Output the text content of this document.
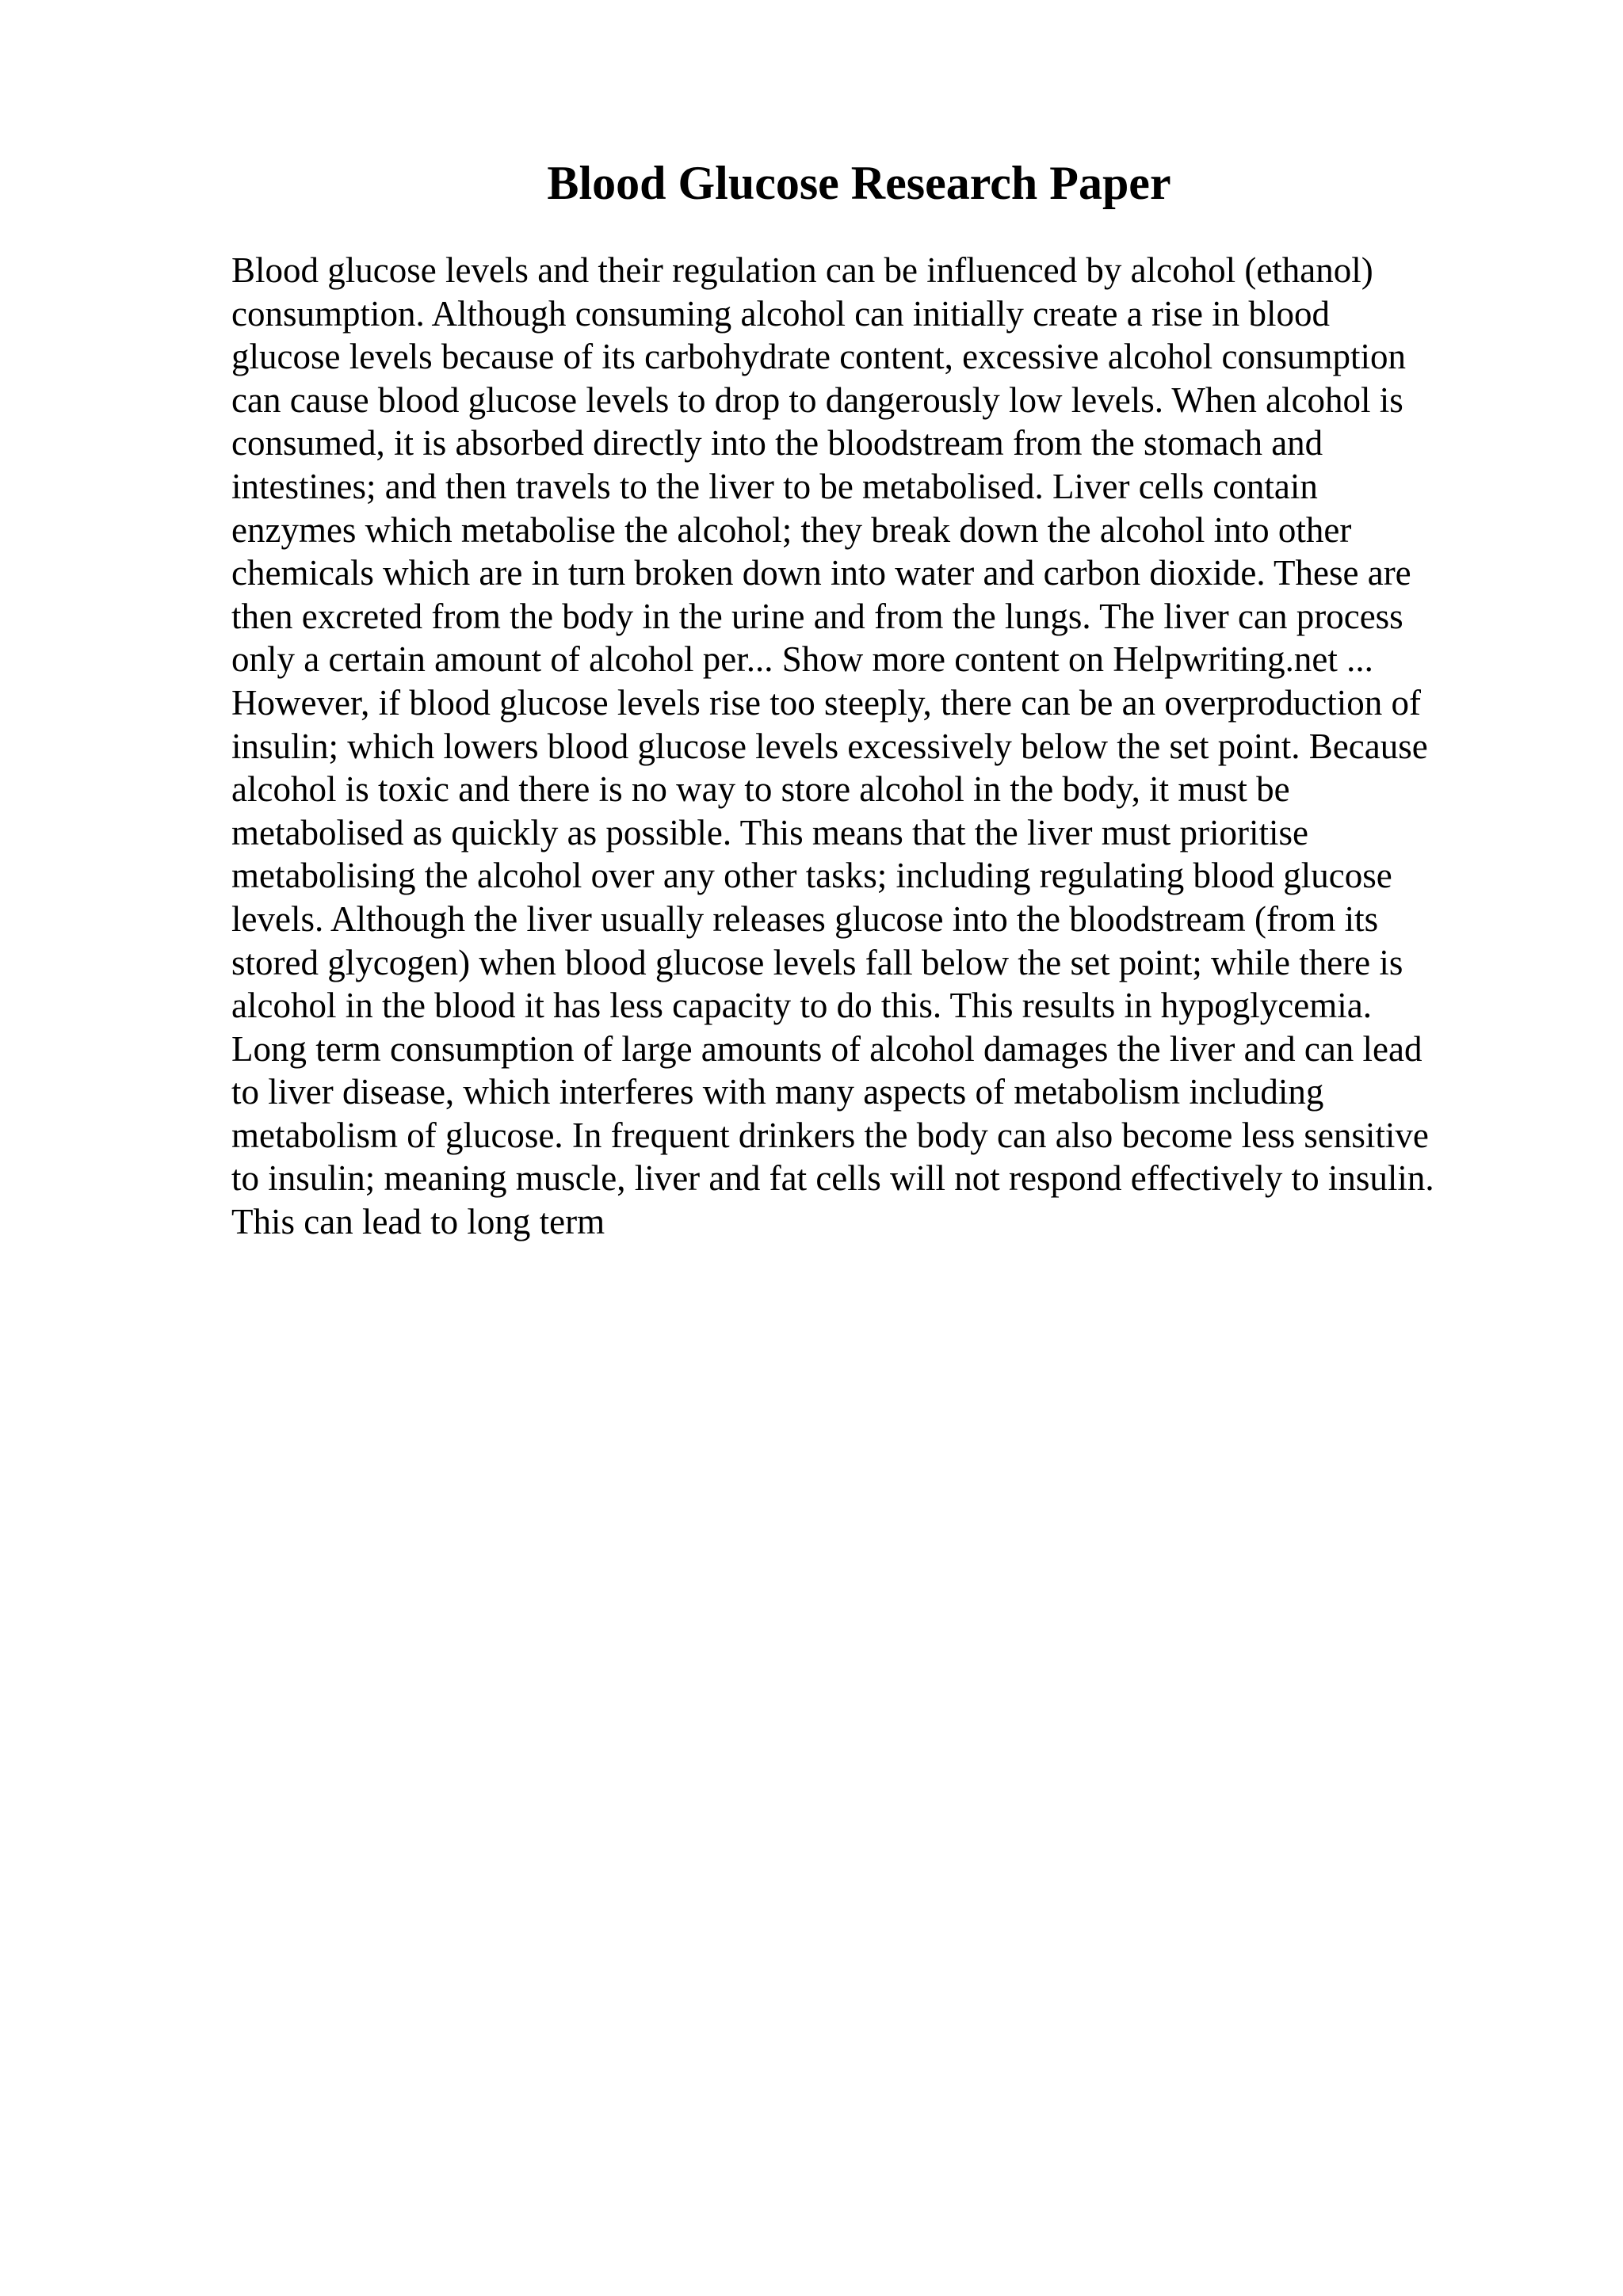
Blood Glucose Research Paper
Blood glucose levels and their regulation can be influenced by alcohol (ethanol)
consumption. Although consuming alcohol can initially create a rise in blood
glucose levels because of its carbohydrate content, excessive alcohol consumption
can cause blood glucose levels to drop to dangerously low levels. When alcohol is
consumed, it is absorbed directly into the bloodstream from the stomach and
intestines; and then travels to the liver to be metabolised. Liver cells contain
enzymes which metabolise the alcohol; they break down the alcohol into other
chemicals which are in turn broken down into water and carbon dioxide. These are
then excreted from the body in the urine and from the lungs. The liver can process
only a certain amount of alcohol per... Show more content on Helpwriting.net ...
However, if blood glucose levels rise too steeply, there can be an overproduction of
insulin; which lowers blood glucose levels excessively below the set point. Because
alcohol is toxic and there is no way to store alcohol in the body, it must be
metabolised as quickly as possible. This means that the liver must prioritise
metabolising the alcohol over any other tasks; including regulating blood glucose
levels. Although the liver usually releases glucose into the bloodstream (from its
stored glycogen) when blood glucose levels fall below the set point; while there is
alcohol in the blood it has less capacity to do this. This results in hypoglycemia.
Long term consumption of large amounts of alcohol damages the liver and can lead
to liver disease, which interferes with many aspects of metabolism including
metabolism of glucose. In frequent drinkers the body can also become less sensitive
to insulin; meaning muscle, liver and fat cells will not respond effectively to insulin.
This can lead to long term
